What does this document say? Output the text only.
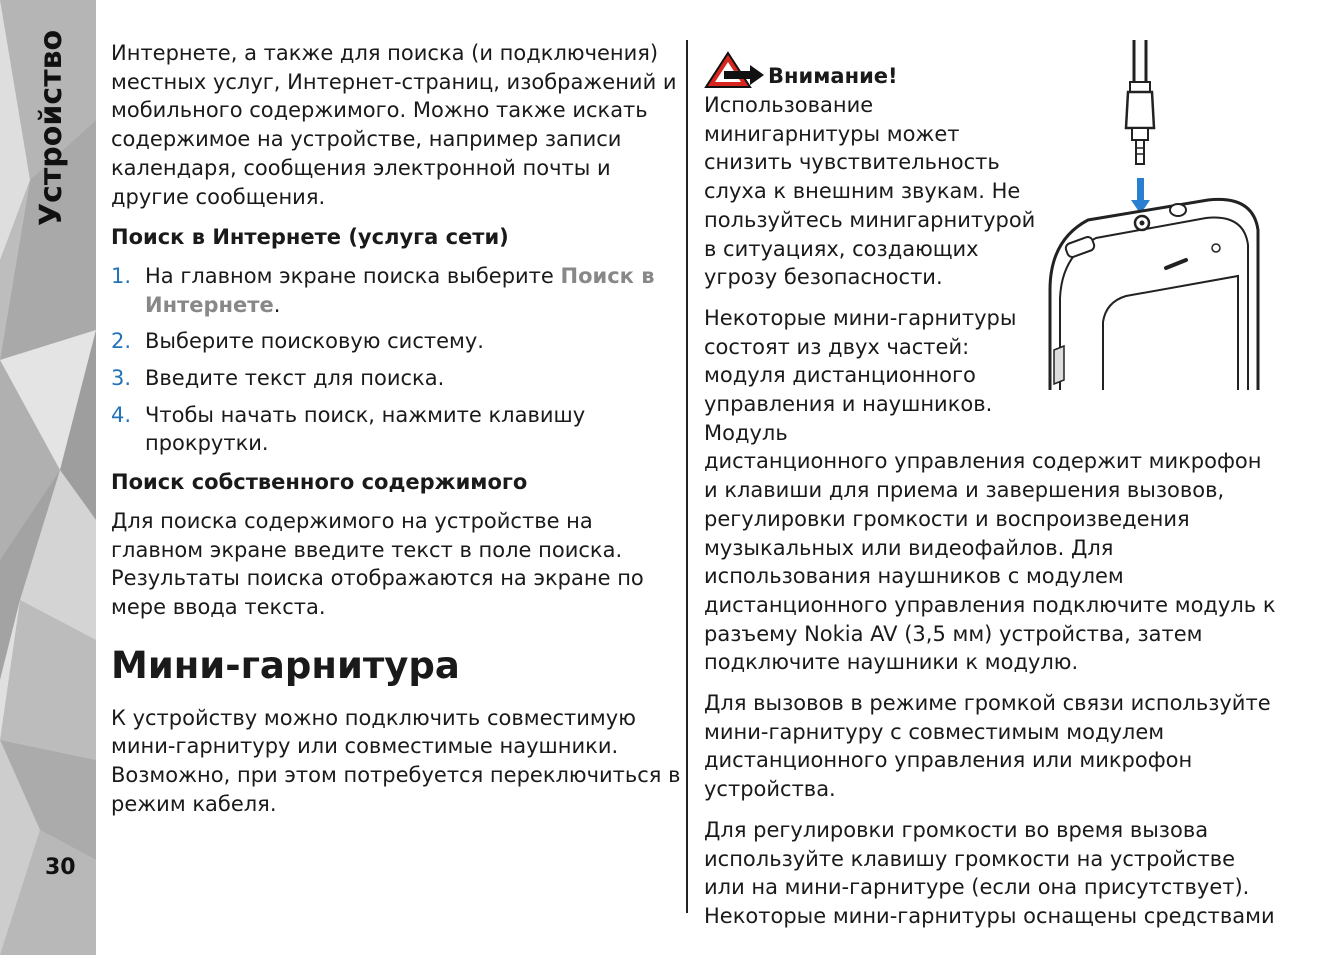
Устройство
30

Интернете, а также для поиска (и подключения) местных услуг, Интернет-страниц, изображений и мобильного содержимого. Можно также искать содержимое на устройстве, например записи календаря, сообщения электронной почты и другие сообщения.

Поиск в Интернете (услуга сети)
1. На главном экране поиска выберите Поиск в Интернете.
2. Выберите поисковую систему.
3. Введите текст для поиска.
4. Чтобы начать поиск, нажмите клавишу прокрутки.
Поиск собственного содержимого

Для поиска содержимого на устройстве на главном экране введите текст в поле поиска. Результаты поиска отображаются на экране по мере ввода текста.

Мини-гарнитура

К устройству можно подключить совместимую мини-гарнитуру или совместимые наушники. Возможно, при этом потребуется переключиться в режим кабеля.

Внимание!

Использование минигарнитуры может снизить чувствительность слуха к внешним звукам. Не пользуйтесь минигарнитурой в ситуациях, создающих угрозу безопасности.

Некоторые мини-гарнитуры состоят из двух частей: модуля дистанционного управления и наушников. Модуль
дистанционного управления содержит микрофон и клавиши для приема и завершения вызовов, регулировки громкости и воспроизведения музыкальных или видеофайлов. Для использования наушников с модулем дистанционного управления подключите модуль к разъему Nokia AV (3,5 мм) устройства, затем подключите наушники к модулю.

Для вызовов в режиме громкой связи используйте мини-гарнитуру с совместимым модулем дистанционного управления или микрофон устройства.

Для регулировки громкости во время вызова используйте клавишу громкости на устройстве или на мини-гарнитуре (если она присутствует). Некоторые мини-гарнитуры оснащены средствами
